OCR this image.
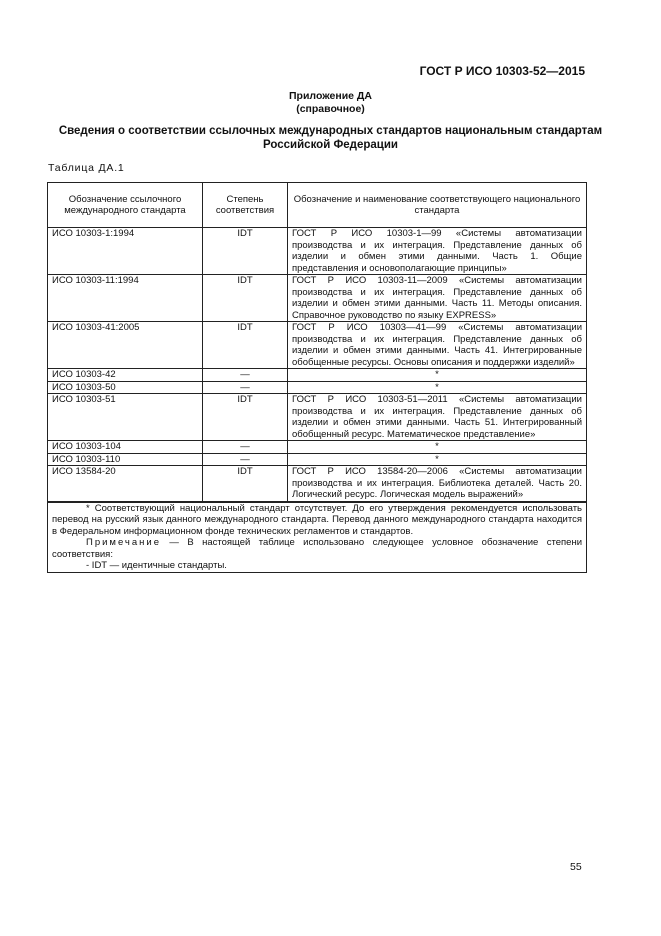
ГОСТ Р ИСО 10303-52—2015
Приложение ДА
(справочное)
Сведения о соответствии ссылочных международных стандартов национальным стандартам
Российской Федерации
Таблица ДА.1
Обозначение ссылочного международного стандарта	Степень соответствия	Обозначение и наименование соответствующего национального стандарта
ИСО 10303-1:1994	IDT	ГОСТ Р ИСО 10303-1—99 «Системы автоматизации производства и их интеграция. Представление данных об изделии и обмен этими данными. Часть 1. Общие представления и основополагающие принципы»
ИСО 10303-11:1994	IDT	ГОСТ Р ИСО 10303-11—2009 «Системы автоматизации производства и их интеграция. Представление данных об изделии и обмен этими данными. Часть 11. Методы описания. Справочное руководство по языку EXPRESS»
ИСО 10303-41:2005	IDT	ГОСТ Р ИСО 10303—41—99 «Системы автоматизации производства и их интеграция. Представление данных об изделии и обмен этими данными. Часть 41. Интегрированные обобщенные ресурсы. Основы описания и поддержки изделий»
ИСО 10303-42	—	*
ИСО 10303-50	—	*
ИСО 10303-51	IDT	ГОСТ Р ИСО 10303-51—2011 «Системы автоматизации производства и их интеграция. Представление данных об изделии и обмен этими данными. Часть 51. Интегрированный обобщенный ресурс. Математическое представление»
ИСО 10303-104	—	*
ИСО 10303-110	—	*
ИСО 13584-20	IDT	ГОСТ Р ИСО 13584-20—2006 «Системы автоматизации производства и их интеграция. Библиотека деталей. Часть 20. Логический ресурс. Логическая модель выражений»

* Соответствующий национальный стандарт отсутствует. До его утверждения рекомендуется использовать перевод на русский язык данного международного стандарта. Перевод данного международного стандарта находится в Федеральном информационном фонде технических регламентов и стандартов.

Примечание — В настоящей таблице использовано следующее условное обозначение степени соответствия:

- IDT — идентичные стандарты.		

55
